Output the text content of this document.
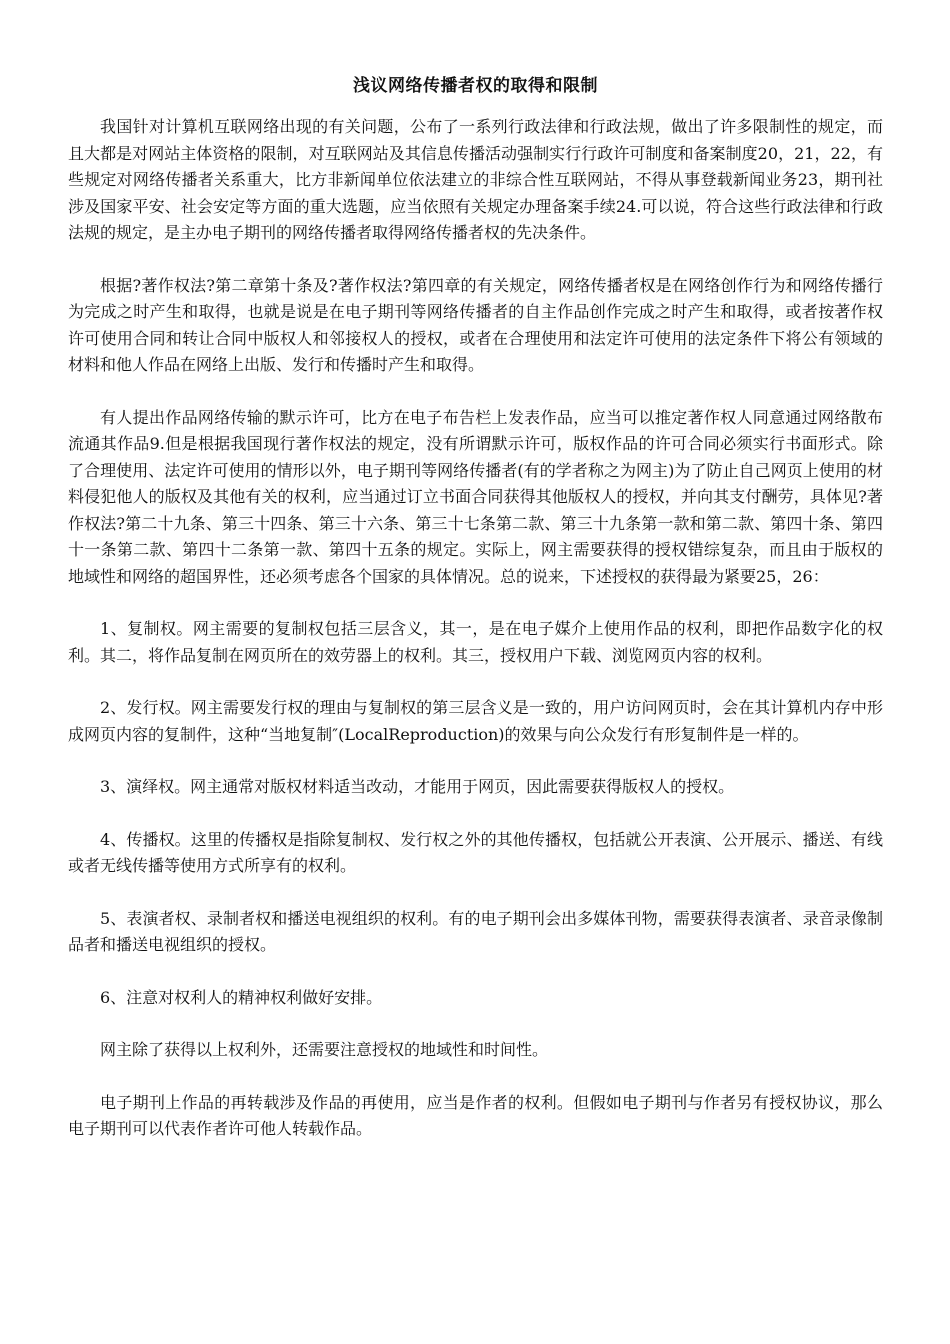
浅议网络传播者权的取得和限制

我国针对计算机互联网络出现的有关问题，公布了一系列行政法律和行政法规，做出了许多限制性的规定，而且大都是对网站主体资格的限制，对互联网站及其信息传播活动强制实行行政许可制度和备案制度20，21，22，有些规定对网络传播者关系重大，比方非新闻单位依法建立的非综合性互联网站，不得从事登载新闻业务23，期刊社涉及国家平安、社会安定等方面的重大选题，应当依照有关规定办理备案手续24.可以说，符合这些行政法律和行政法规的规定，是主办电子期刊的网络传播者取得网络传播者权的先决条件。

根据?著作权法?第二章第十条及?著作权法?第四章的有关规定，网络传播者权是在网络创作行为和网络传播行为完成之时产生和取得，也就是说是在电子期刊等网络传播者的自主作品创作完成之时产生和取得，或者按著作权许可使用合同和转让合同中版权人和邻接权人的授权，或者在合理使用和法定许可使用的法定条件下将公有领域的材料和他人作品在网络上出版、发行和传播时产生和取得。

有人提出作品网络传输的默示许可，比方在电子布告栏上发表作品，应当可以推定著作权人同意通过网络散布流通其作品9.但是根据我国现行著作权法的规定，没有所谓默示许可，版权作品的许可合同必须实行书面形式。除了合理使用、法定许可使用的情形以外，电子期刊等网络传播者(有的学者称之为网主)为了防止自己网页上使用的材料侵犯他人的版权及其他有关的权利，应当通过订立书面合同获得其他版权人的授权，并向其支付酬劳，具体见?著作权法?第二十九条、第三十四条、第三十六条、第三十七条第二款、第三十九条第一款和第二款、第四十条、第四十一条第二款、第四十二条第一款、第四十五条的规定。实际上，网主需要获得的授权错综复杂，而且由于版权的地域性和网络的超国界性，还必须考虑各个国家的具体情况。总的说来，下述授权的获得最为紧要25，26：

1、复制权。网主需要的复制权包括三层含义，其一，是在电子媒介上使用作品的权利，即把作品数字化的权利。其二，将作品复制在网页所在的效劳器上的权利。其三，授权用户下载、浏览网页内容的权利。

2、发行权。网主需要发行权的理由与复制权的第三层含义是一致的，用户访问网页时，会在其计算机内存中形成网页内容的复制件，这种“当地复制″(LocalReproduction)的效果与向公众发行有形复制件是一样的。

3、演绎权。网主通常对版权材料适当改动，才能用于网页，因此需要获得版权人的授权。

4、传播权。这里的传播权是指除复制权、发行权之外的其他传播权，包括就公开表演、公开展示、播送、有线或者无线传播等使用方式所享有的权利。

5、表演者权、录制者权和播送电视组织的权利。有的电子期刊会出多媒体刊物，需要获得表演者、录音录像制品者和播送电视组织的授权。

6、注意对权利人的精神权利做好安排。

网主除了获得以上权利外，还需要注意授权的地域性和时间性。

电子期刊上作品的再转载涉及作品的再使用，应当是作者的权利。但假如电子期刊与作者另有授权协议，那么电子期刊可以代表作者许可他人转载作品。
